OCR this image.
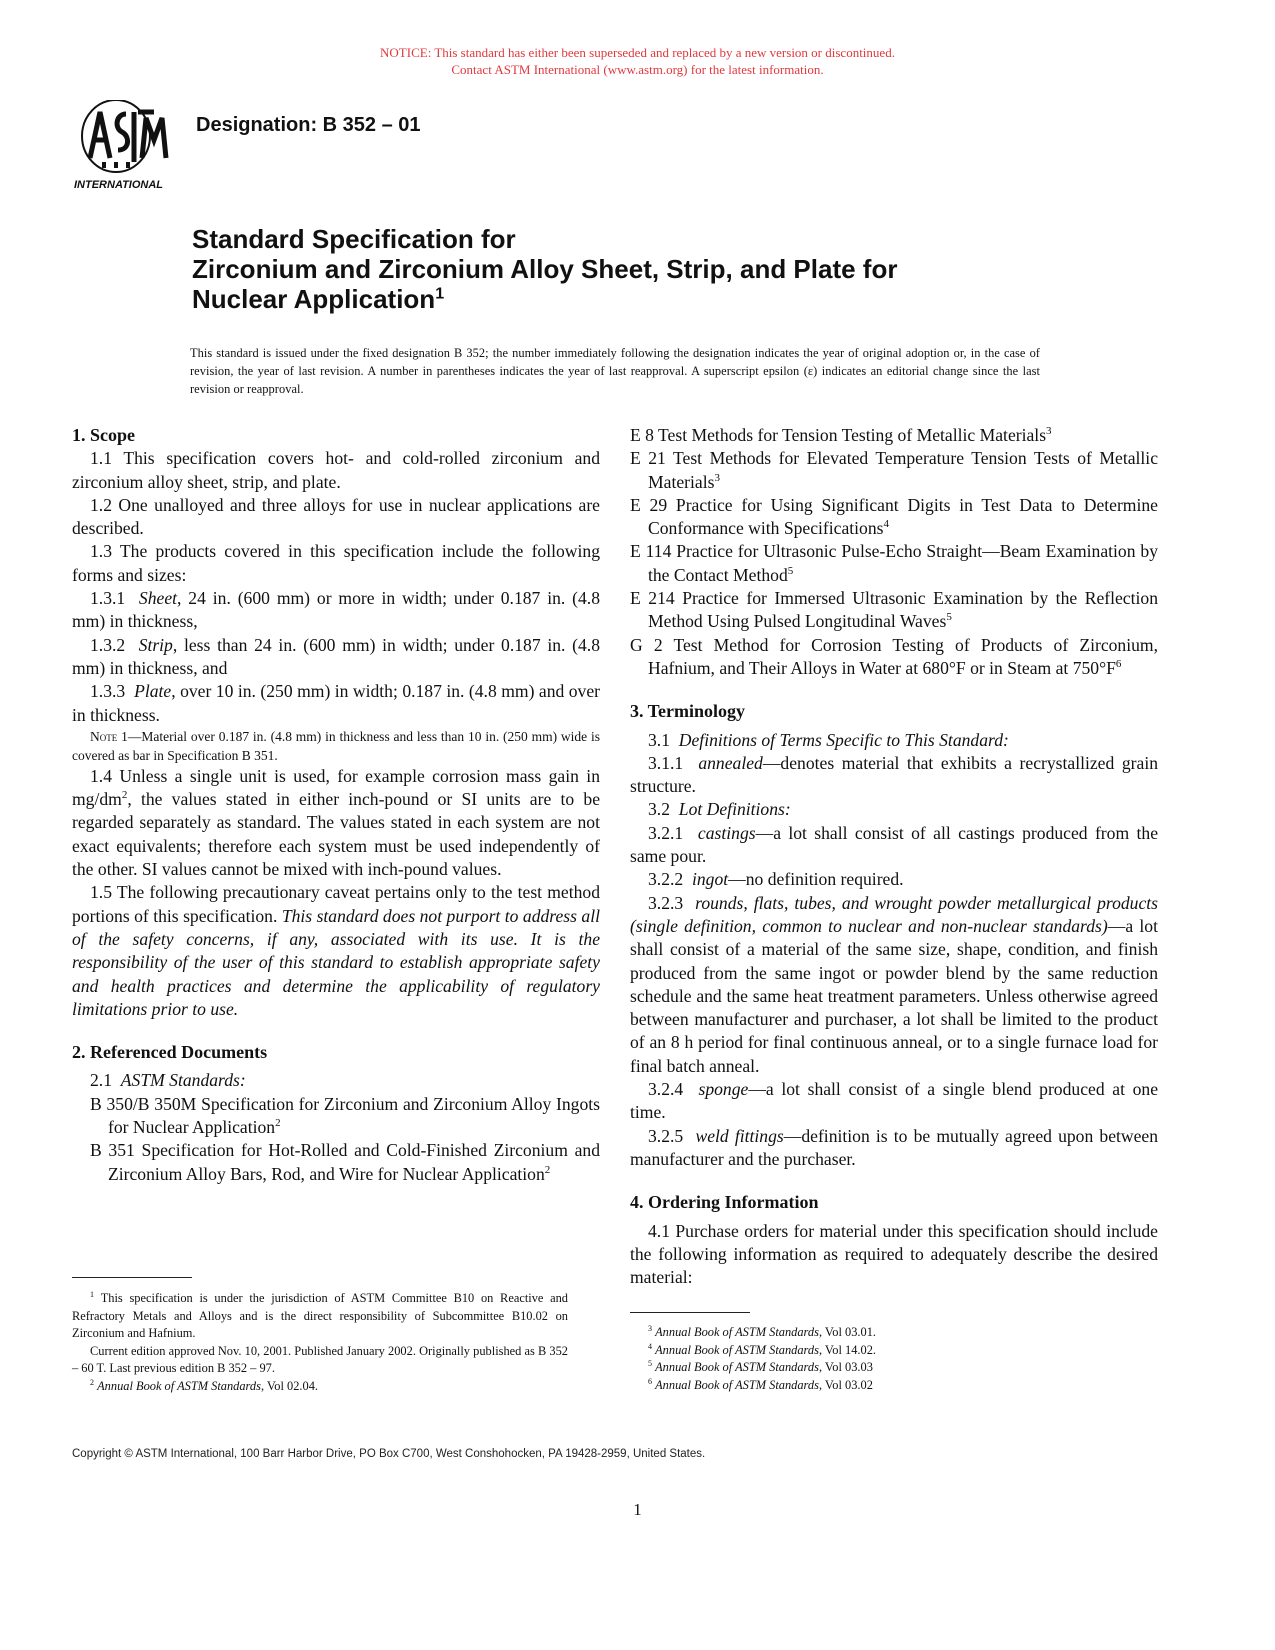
NOTICE: This standard has either been superseded and replaced by a new version or discontinued.
Contact ASTM International (www.astm.org) for the latest information.
INTERNATIONAL
Designation: B 352 – 01
Standard Specification for
Zirconium and Zirconium Alloy Sheet, Strip, and Plate for
Nuclear Application$^1$
This standard is issued under the fixed designation B 352; the number immediately following the designation indicates the year of original adoption or, in the case of revision, the year of last revision. A number in parentheses indicates the year of last reapproval. A superscript epsilon (ε) indicates an editorial change since the last revision or reapproval.
1. Scope

1.1 This specification covers hot- and cold-rolled zirconium and zirconium alloy sheet, strip, and plate.

1.2 One unalloyed and three alloys for use in nuclear applications are described.

1.3 The products covered in this specification include the following forms and sizes:

1.3.1 Sheet, 24 in. (600 mm) or more in width; under 0.187 in. (4.8 mm) in thickness,

1.3.2 Strip, less than 24 in. (600 mm) in width; under 0.187 in. (4.8 mm) in thickness, and

1.3.3 Plate, over 10 in. (250 mm) in width; 0.187 in. (4.8 mm) and over in thickness.

Note 1—Material over 0.187 in. (4.8 mm) in thickness and less than 10 in. (250 mm) wide is covered as bar in Specification B 351.

1.4 Unless a single unit is used, for example corrosion mass gain in $mg/dm^2$, the values stated in either inch-pound or SI units are to be regarded separately as standard. The values stated in each system are not exact equivalents; therefore each system must be used independently of the other. SI values cannot be mixed with inch-pound values.

1.5 The following precautionary caveat pertains only to the test method portions of this specification. This standard does not purport to address all of the safety concerns, if any, associated with its use. It is the responsibility of the user of this standard to establish appropriate safety and health practices and determine the applicability of regulatory limitations prior to use.

2. Referenced Documents

2.1 ASTM Standards:

B 350/B 350M Specification for Zirconium and Zirconium Alloy Ingots for Nuclear Application$^2$

B 351 Specification for Hot-Rolled and Cold-Finished Zirconium and Zirconium Alloy Bars, Rod, and Wire for Nuclear Application$^2$

E 8 Test Methods for Tension Testing of Metallic Materials$^3$

E 21 Test Methods for Elevated Temperature Tension Tests of Metallic Materials$^3$

E 29 Practice for Using Significant Digits in Test Data to Determine Conformance with Specifications$^4$

E 114 Practice for Ultrasonic Pulse-Echo Straight—Beam Examination by the Contact Method$^5$

E 214 Practice for Immersed Ultrasonic Examination by the Reflection Method Using Pulsed Longitudinal Waves$^5$

G 2 Test Method for Corrosion Testing of Products of Zirconium, Hafnium, and Their Alloys in Water at 680°F or in Steam at $750^\circ F^6$

3. Terminology

3.1 Definitions of Terms Specific to This Standard:

3.1.1 annealed—denotes material that exhibits a recrystallized grain structure.

3.2 Lot Definitions:

3.2.1 castings—a lot shall consist of all castings produced from the same pour.

3.2.2 ingot—no definition required.

3.2.3 rounds, flats, tubes, and wrought powder metallurgical products (single definition, common to nuclear and non-nuclear standards)—a lot shall consist of a material of the same size, shape, condition, and finish produced from the same ingot or powder blend by the same reduction schedule and the same heat treatment parameters. Unless otherwise agreed between manufacturer and purchaser, a lot shall be limited to the product of an 8 h period for final continuous anneal, or to a single furnace load for final batch anneal.

3.2.4 sponge—a lot shall consist of a single blend produced at one time.

3.2.5 weld fittings—definition is to be mutually agreed upon between manufacturer and the purchaser.

4. Ordering Information

4.1 Purchase orders for material under this specification should include the following information as required to adequately describe the desired material:

$^1$ This specification is under the jurisdiction of ASTM Committee B10 on Reactive and Refractory Metals and Alloys and is the direct responsibility of Subcommittee B10.02 on Zirconium and Hafnium.

Current edition approved Nov. 10, 2001. Published January 2002. Originally published as B 352 – 60 T. Last previous edition B 352 – 97.

$^2$ Annual Book of ASTM Standards, Vol 02.04.

$^3$ Annual Book of ASTM Standards, Vol 03.01.

$^4$ Annual Book of ASTM Standards, Vol 14.02.

$^5$ Annual Book of ASTM Standards, Vol 03.03

$^6$ Annual Book of ASTM Standards, Vol 03.02

Copyright © ASTM International, 100 Barr Harbor Drive, PO Box C700, West Conshohocken, PA 19428-2959, United States.
1
